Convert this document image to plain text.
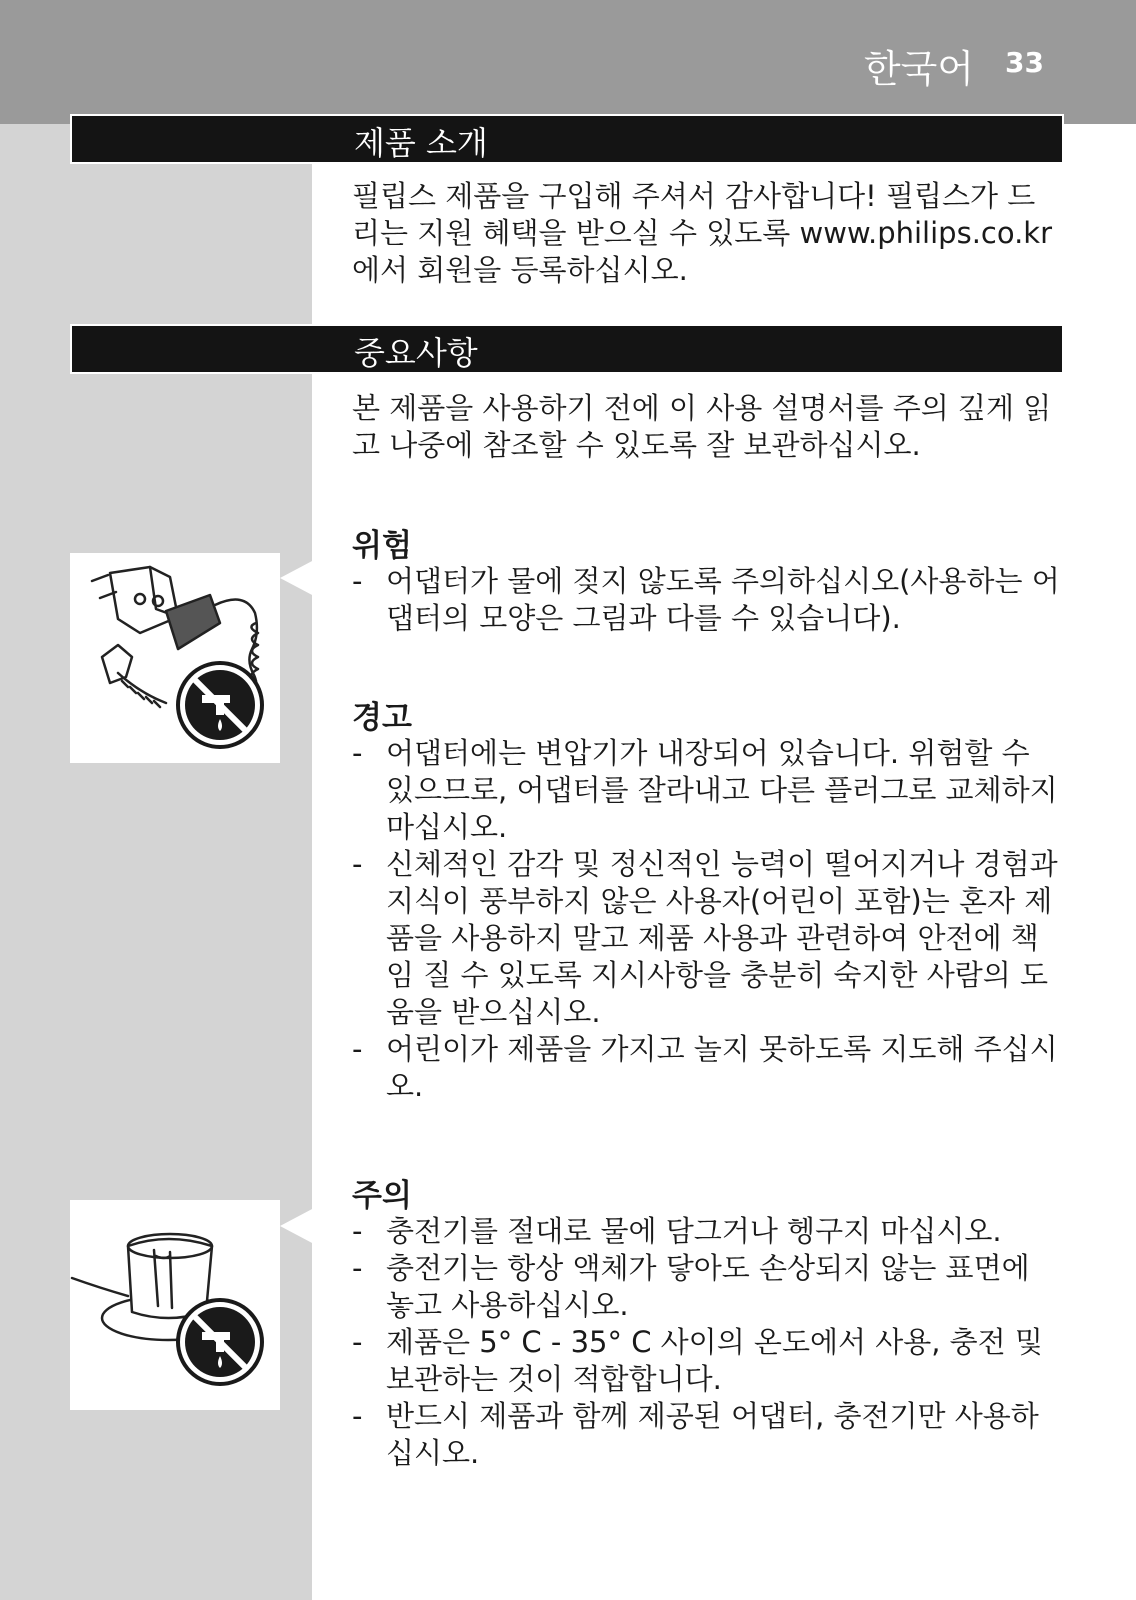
한국어 33
제품 소개

필립스 제품을 구입해 주셔서 감사합니다! 필립스가 드리는 지원 혜택을 받으실 수 있도록 www.philips.co.kr에서 회원을 등록하십시오.

중요사항

본 제품을 사용하기 전에 이 사용 설명서를 주의 깊게 읽고 나중에 참조할 수 있도록 잘 보관하십시오.

위험
- 어댑터가 물에 젖지 않도록 주의하십시오(사용하는 어댑터의 모양은 그림과 다를 수 있습니다).
경고
- 어댑터에는 변압기가 내장되어 있습니다. 위험할 수 있으므로, 어댑터를 잘라내고 다른 플러그로 교체하지 마십시오.
- 신체적인 감각 및 정신적인 능력이 떨어지거나 경험과 지식이 풍부하지 않은 사용자(어린이 포함)는 혼자 제품을 사용하지 말고 제품 사용과 관련하여 안전에 책임 질 수 있도록 지시사항을 충분히 숙지한 사람의 도움을 받으십시오.
- 어린이가 제품을 가지고 놀지 못하도록 지도해 주십시오.
주의
- 충전기를 절대로 물에 담그거나 헹구지 마십시오.
- 충전기는 항상 액체가 닿아도 손상되지 않는 표면에 놓고 사용하십시오.
- 제품은 5° C - 35° C 사이의 온도에서 사용, 충전 및 보관하는 것이 적합합니다.
- 반드시 제품과 함께 제공된 어댑터, 충전기만 사용하십시오.
